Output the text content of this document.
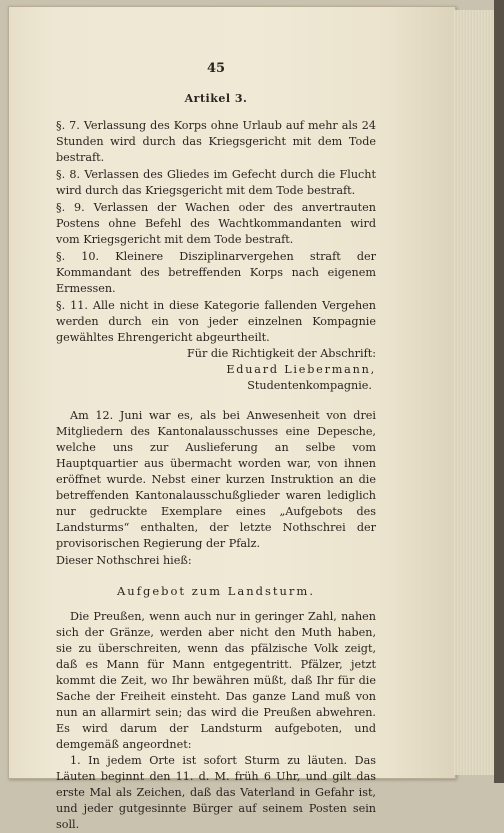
45
Artikel 3.

§. 7. Verlassung des Korps ohne Urlaub auf mehr als 24 Stunden wird durch das Kriegsgericht mit dem Tode bestraft.

§. 8. Verlassen des Gliedes im Gefecht durch die Flucht wird durch das Kriegsgericht mit dem Tode bestraft.

§. 9. Verlassen der Wachen oder des anvertrauten Postens ohne Befehl des Wachtkommandanten wird vom Kriegsgericht mit dem Tode bestraft.

§. 10. Kleinere Disziplinarvergehen straft der Kommandant des betreffenden Korps nach eigenem Ermessen.

§. 11. Alle nicht in diese Kategorie fallenden Vergehen werden durch ein von jeder einzelnen Kompagnie gewähltes Ehrengericht abgeurtheilt.

Für die Richtigkeit der Abschrift:

Eduard Liebermann,

Studentenkompagnie.

Am 12. Juni war es, als bei Anwesenheit von drei Mitgliedern des Kantonalausschusses eine Depesche, welche uns zur Auslieferung an selbe vom Hauptquartier aus übermacht worden war, von ihnen eröffnet wurde. Nebst einer kurzen Instruktion an die betreffenden Kantonalausschußglieder waren lediglich nur gedruckte Exemplare eines „Aufgebots des Landsturms“ enthalten, der letzte Nothschrei der provisorischen Regierung der Pfalz.

Dieser Nothschrei hieß:

Aufgebot zum Landsturm.

Die Preußen, wenn auch nur in geringer Zahl, nahen sich der Gränze, werden aber nicht den Muth haben, sie zu überschreiten, wenn das pfälzische Volk zeigt, daß es Mann für Mann entgegentritt. Pfälzer, jetzt kommt die Zeit, wo Ihr bewähren müßt, daß Ihr für die Sache der Freiheit einsteht. Das ganze Land muß von nun an allarmirt sein; das wird die Preußen abwehren. Es wird darum der Landsturm aufgeboten, und demgemäß angeordnet:

1. In jedem Orte ist sofort Sturm zu läuten. Das Läuten beginnt den 11. d. M. früh 6 Uhr, und gilt das erste Mal als Zeichen, daß das Vaterland in Gefahr ist, und jeder gutgesinnte Bürger auf seinem Posten sein soll.
